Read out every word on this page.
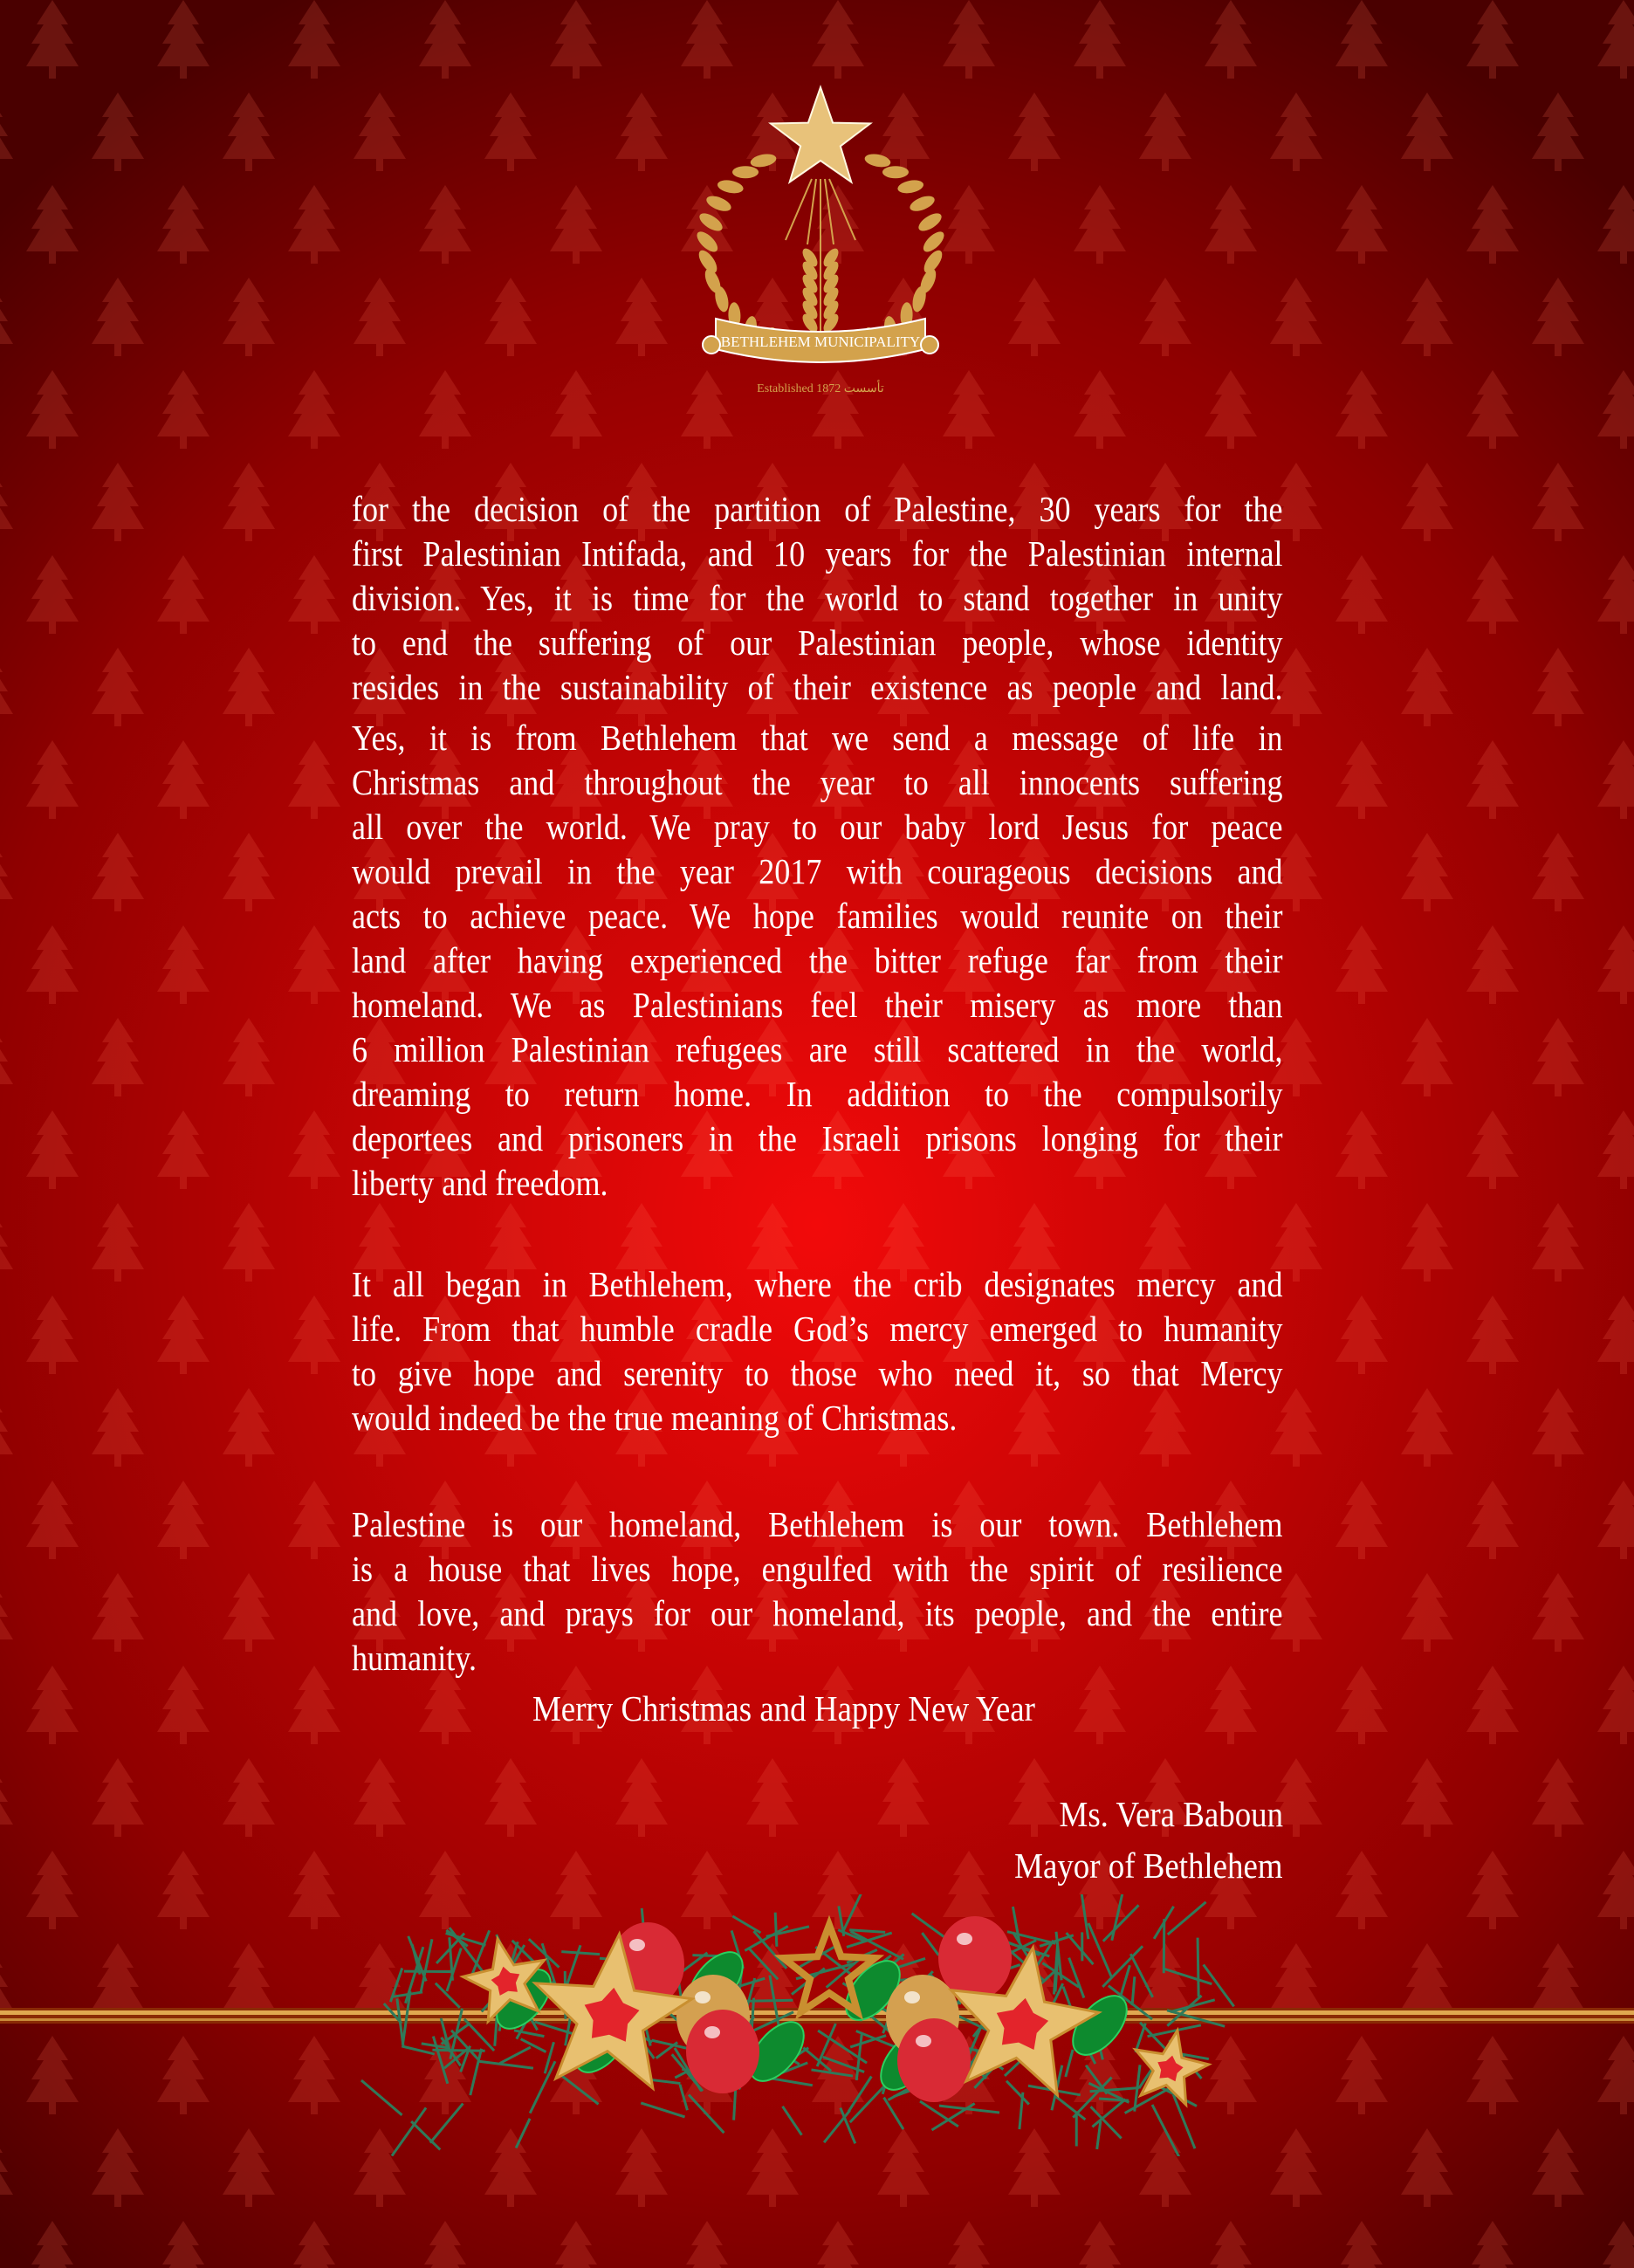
BETHLEHEM MUNICIPALITY
Established 1872 تأسست
for the decision of the partition of Palestine, 30 years for the
first Palestinian Intifada, and 10 years for the Palestinian internal
division. Yes, it is time for the world to stand together in unity
to end the suffering of our Palestinian people, whose identity
resides in the sustainability of their existence as people and land.
Yes, it is from Bethlehem that we send a message of life in
Christmas and throughout the year to all innocents suffering
all over the world. We pray to our baby lord Jesus for peace
would prevail in the year 2017 with courageous decisions and
acts to achieve peace. We hope families would reunite on their
land after having experienced the bitter refuge far from their
homeland. We as Palestinians feel their misery as more than
6 million Palestinian refugees are still scattered in the world,
dreaming to return home. In addition to the compulsorily
deportees and prisoners in the Israeli prisons longing for their
liberty and freedom.
It all began in Bethlehem, where the crib designates mercy and
life. From that humble cradle God’s mercy emerged to humanity
to give hope and serenity to those who need it, so that Mercy
would indeed be the true meaning of Christmas.
Palestine is our homeland, Bethlehem is our town. Bethlehem
is a house that lives hope, engulfed with the spirit of resilience
and love, and prays for our homeland, its people, and the entire
humanity.
Merry Christmas and Happy New Year
Ms. Vera Baboun
Mayor of Bethlehem
